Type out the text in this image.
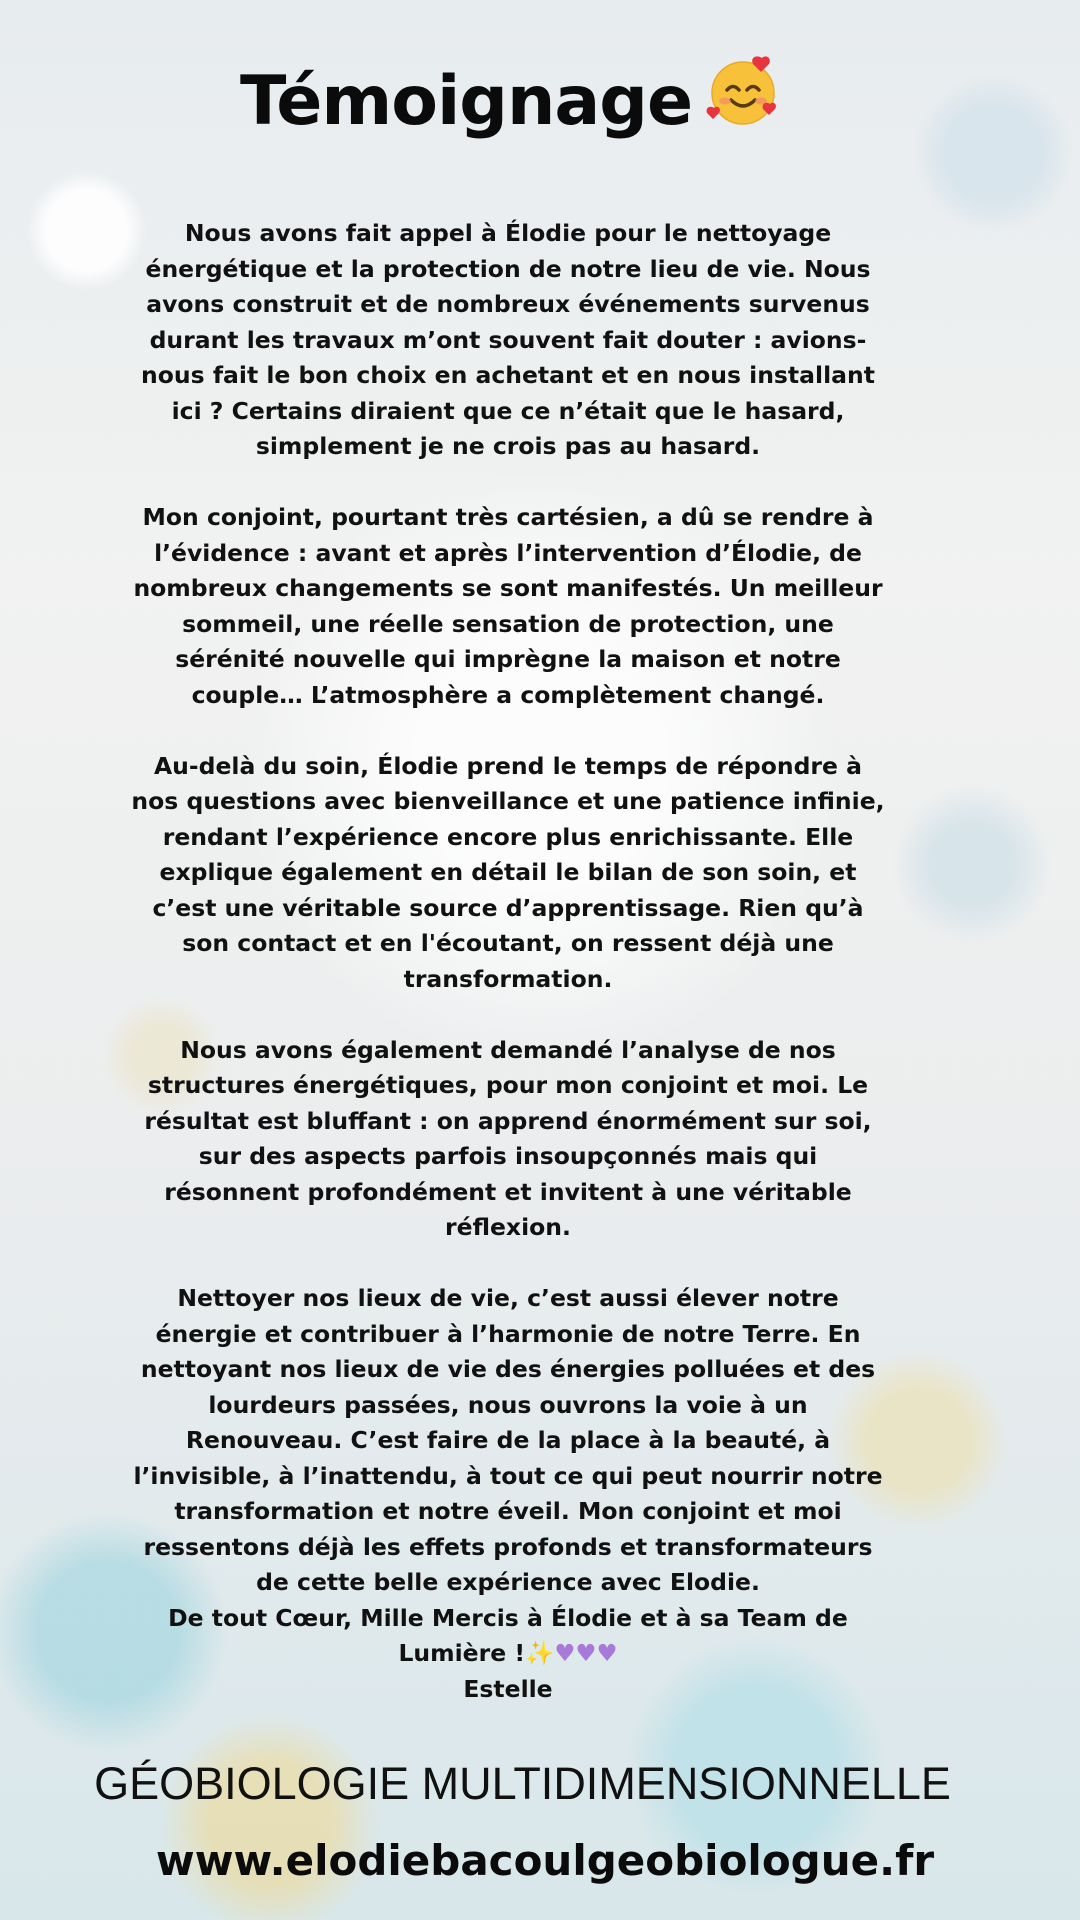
Témoignage

Nous avons fait appel à Élodie pour le nettoyage énergétique et la protection de notre lieu de vie. Nous avons construit et de nombreux événements survenus durant les travaux m’ont souvent fait douter : avions-nous fait le bon choix en achetant et en nous installant ici ? Certains diraient que ce n’était que le hasard, simplement je ne crois pas au hasard.

Mon conjoint, pourtant très cartésien, a dû se rendre à l’évidence : avant et après l’intervention d’Élodie, de nombreux changements se sont manifestés. Un meilleur sommeil, une réelle sensation de protection, une sérénité nouvelle qui imprègne la maison et notre couple… L’atmosphère a complètement changé.

Au-delà du soin, Élodie prend le temps de répondre à nos questions avec bienveillance et une patience infinie, rendant l’expérience encore plus enrichissante. Elle explique également en détail le bilan de son soin, et c’est une véritable source d’apprentissage. Rien qu’à son contact et en l'écoutant, on ressent déjà une transformation.

Nous avons également demandé l’analyse de nos structures énergétiques, pour mon conjoint et moi. Le résultat est bluffant : on apprend énormément sur soi, sur des aspects parfois insoupçonnés mais qui résonnent profondément et invitent à une véritable réflexion.

Nettoyer nos lieux de vie, c’est aussi élever notre énergie et contribuer à l’harmonie de notre Terre. En nettoyant nos lieux de vie des énergies polluées et des lourdeurs passées, nous ouvrons la voie à un Renouveau. C’est faire de la place à la beauté, à l’invisible, à l’inattendu, à tout ce qui peut nourrir notre transformation et notre éveil. Mon conjoint et moi ressentons déjà les effets profonds et transformateurs de cette belle expérience avec Elodie.

De tout Cœur, Mille Mercis à Élodie et à sa Team de Lumière !✨♥♥♥

Estelle

GÉOBIOLOGIE MULTIDIMENSIONNELLE
www.elodiebacoulgeobiologue.fr
